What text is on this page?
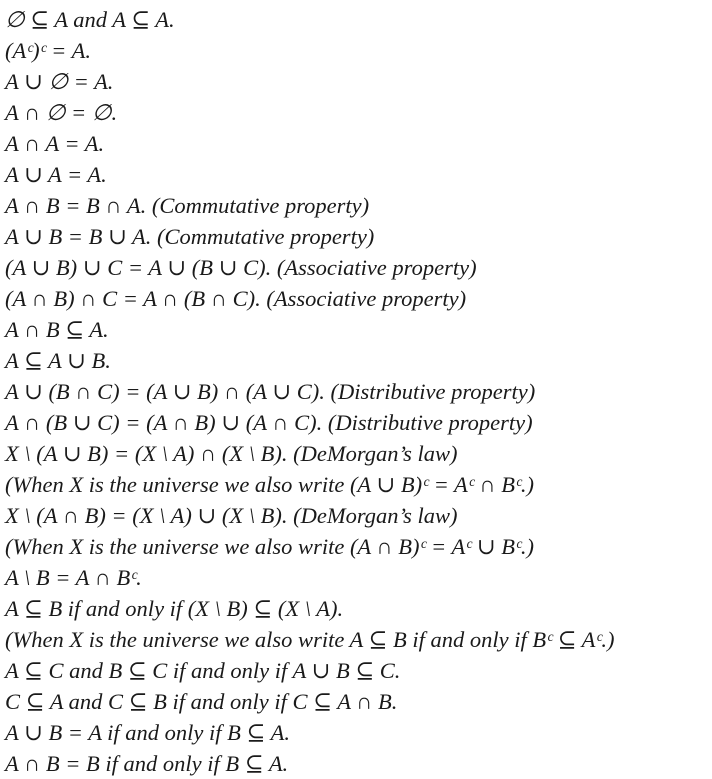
∅ ⊆ A and A ⊆ A.
(Aᶜ)ᶜ = A.
A ∪ ∅ = A.
A ∩ ∅ = ∅.
A ∩ A = A.
A ∪ A = A.
A ∩ B = B ∩ A. (Commutative property)
A ∪ B = B ∪ A. (Commutative property)
(A ∪ B) ∪ C = A ∪ (B ∪ C). (Associative property)
(A ∩ B) ∩ C = A ∩ (B ∩ C). (Associative property)
A ∩ B ⊆ A.
A ⊆ A ∪ B.
A ∪ (B ∩ C) = (A ∪ B) ∩ (A ∪ C). (Distributive property)
A ∩ (B ∪ C) = (A ∩ B) ∪ (A ∩ C). (Distributive property)
X \ (A ∪ B) = (X \ A) ∩ (X \ B). (DeMorgan’s law)
(When X is the universe we also write (A ∪ B)ᶜ = Aᶜ ∩ Bᶜ.)
X \ (A ∩ B) = (X \ A) ∪ (X \ B). (DeMorgan’s law)
(When X is the universe we also write (A ∩ B)ᶜ = Aᶜ ∪ Bᶜ.)
A \ B = A ∩ Bᶜ.
A ⊆ B if and only if (X \ B) ⊆ (X \ A).
(When X is the universe we also write A ⊆ B if and only if Bᶜ ⊆ Aᶜ.)
A ⊆ C and B ⊆ C if and only if A ∪ B ⊆ C.
C ⊆ A and C ⊆ B if and only if C ⊆ A ∩ B.
A ∪ B = A if and only if B ⊆ A.
A ∩ B = B if and only if B ⊆ A.
